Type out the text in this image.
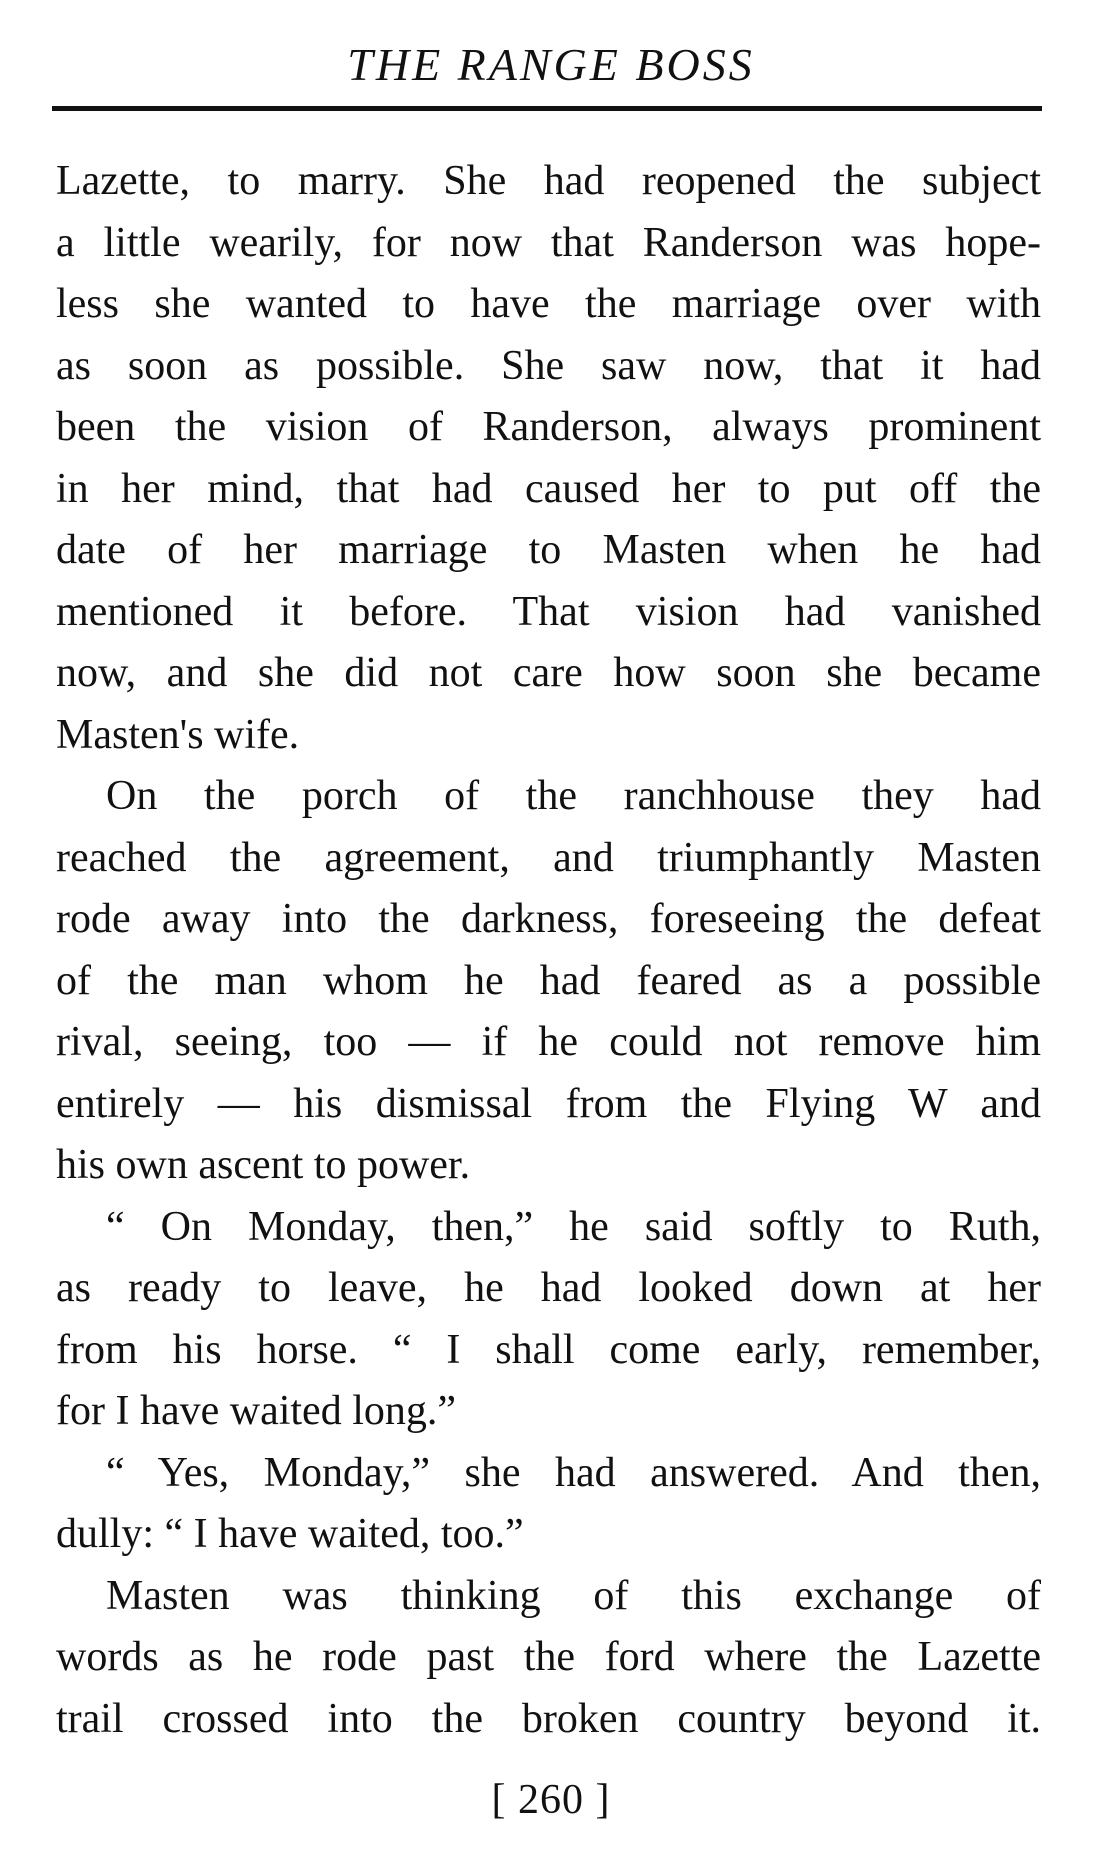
THE RANGE BOSS
Lazette, to marry. She had reopened the subject
a little wearily, for now that Randerson was hope-
less she wanted to have the marriage over with
as soon as possible. She saw now, that it had
been the vision of Randerson, always prominent
in her mind, that had caused her to put off the
date of her marriage to Masten when he had
mentioned it before. That vision had vanished
now, and she did not care how soon she became
Masten's wife.
On the porch of the ranchhouse they had
reached the agreement, and triumphantly Masten
rode away into the darkness, foreseeing the defeat
of the man whom he had feared as a possible
rival, seeing, too — if he could not remove him
entirely — his dismissal from the Flying W and
his own ascent to power.
“ On Monday, then,” he said softly to Ruth,
as ready to leave, he had looked down at her
from his horse. “ I shall come early, remember,
for I have waited long.”
“ Yes, Monday,” she had answered. And then,
dully: “ I have waited, too.”
Masten was thinking of this exchange of
words as he rode past the ford where the Lazette
trail crossed into the broken country beyond it.
[ 260 ]
